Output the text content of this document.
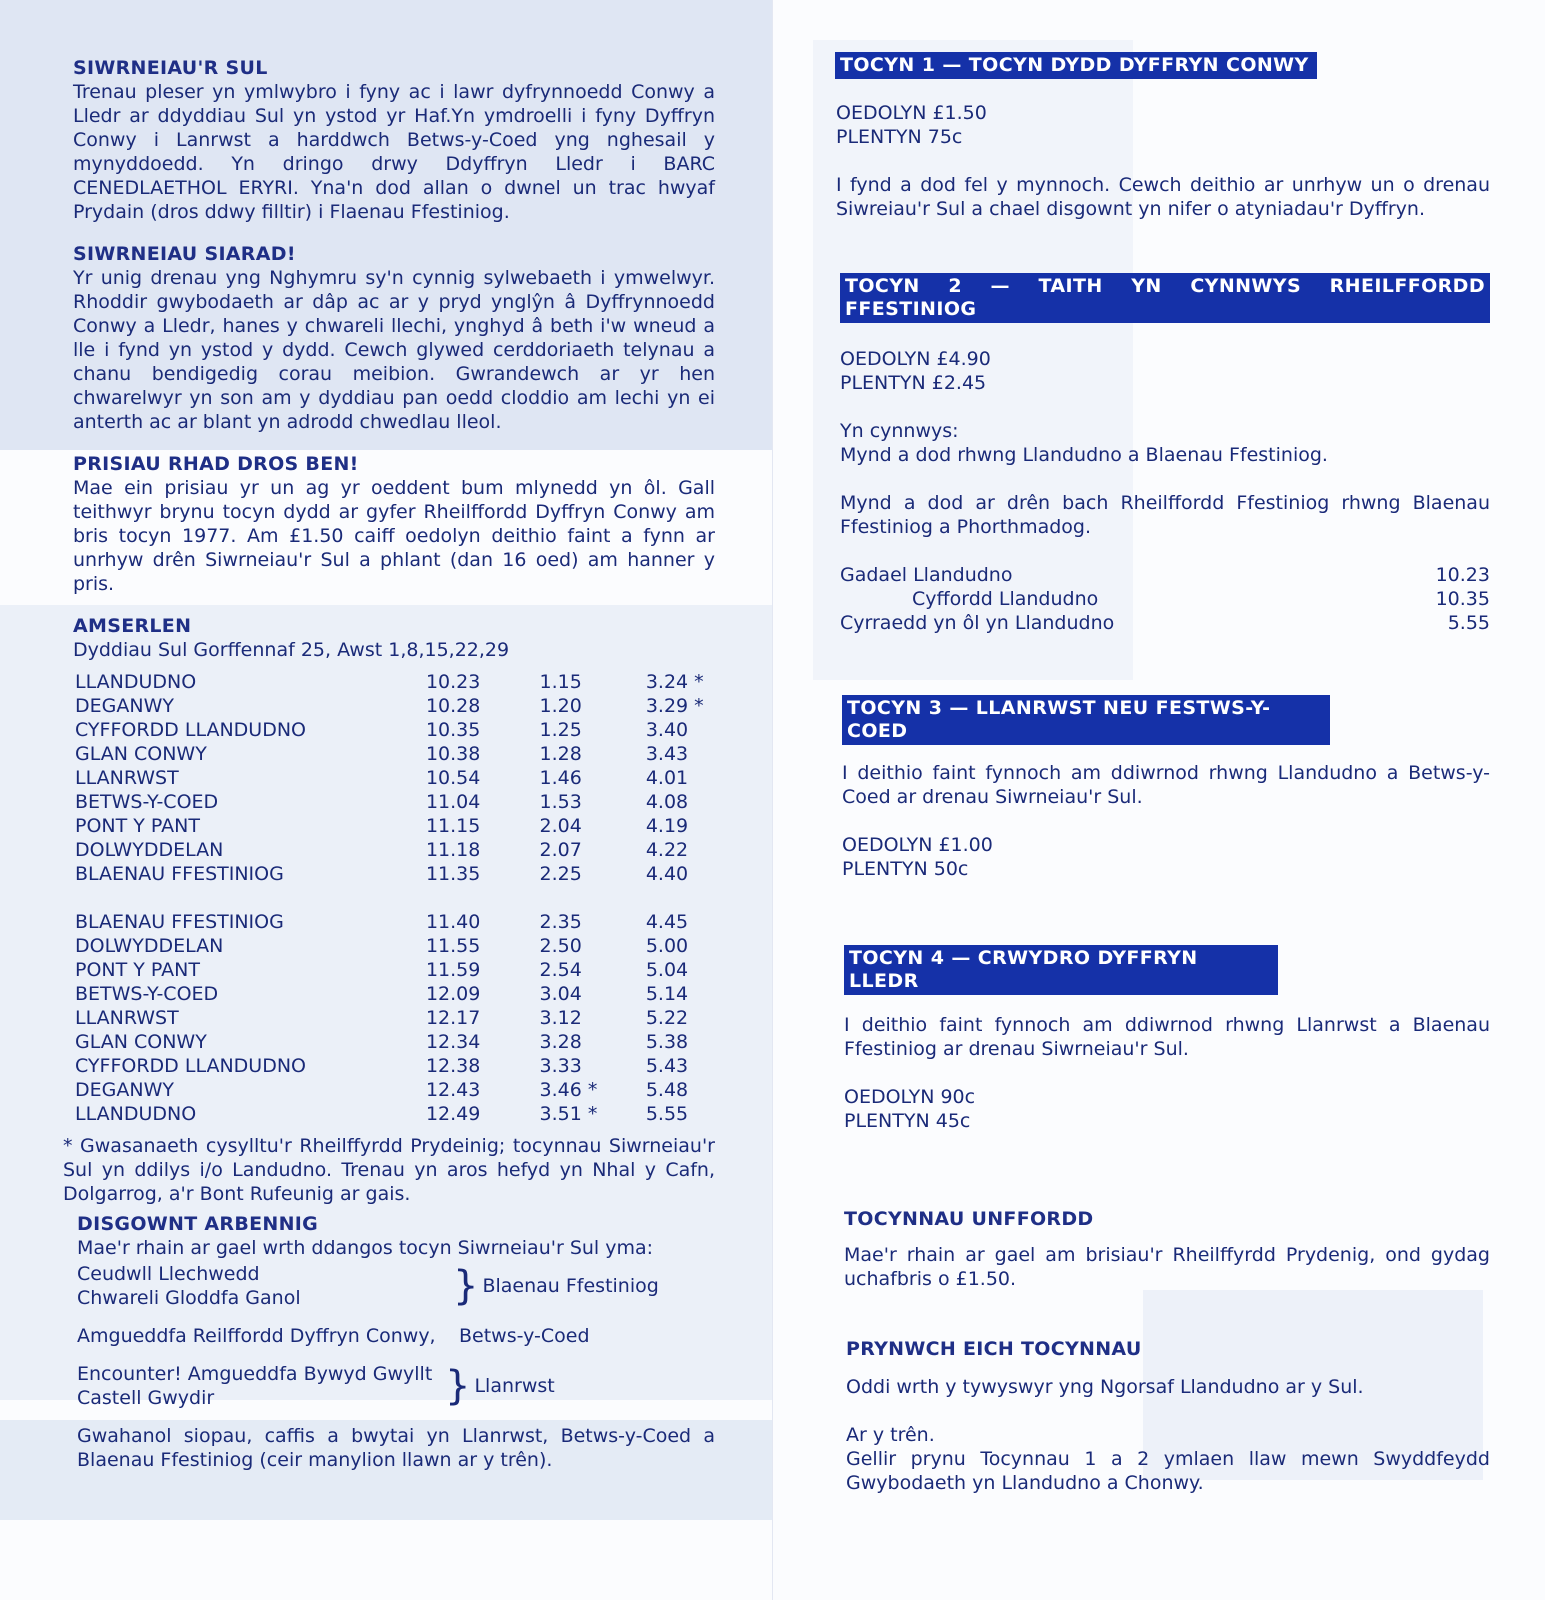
SIWRNEIAU'R SUL

Trenau pleser yn ymlwybro i fyny ac i lawr dyfrynnoedd Conwy a Lledr ar ddyddiau Sul yn ystod yr Haf.Yn ymdroelli i fyny Dyffryn Conwy i Lanrwst a harddwch Betws-y-Coed yng nghesail y mynyddoedd. Yn dringo drwy Ddyffryn Lledr i BARC CENEDLAETHOL ERYRI. Yna'n dod allan o dwnel un trac hwyaf Prydain (dros ddwy filltir) i Flaenau Ffestiniog.

SIWRNEIAU SIARAD!

Yr unig drenau yng Nghymru sy'n cynnig sylwebaeth i ymwelwyr. Rhoddir gwybodaeth ar dâp ac ar y pryd ynglŷn â Dyffrynnoedd Conwy a Lledr, hanes y chwareli llechi, ynghyd â beth i'w wneud a lle i fynd yn ystod y dydd. Cewch glywed cerddoriaeth telynau a chanu bendigedig corau meibion. Gwrandewch ar yr hen chwarelwyr yn son am y dyddiau pan oedd cloddio am lechi yn ei anterth ac ar blant yn adrodd chwedlau lleol.

PRISIAU RHAD DROS BEN!

Mae ein prisiau yr un ag yr oeddent bum mlynedd yn ôl. Gall teithwyr brynu tocyn dydd ar gyfer Rheilffordd Dyffryn Conwy am bris tocyn 1977. Am £1.50 caiff oedolyn deithio faint a fynn ar unrhyw drên Siwrneiau'r Sul a phlant (dan 16 oed) am hanner y pris.

AMSERLEN
Dyddiau Sul Gorffennaf 25, Awst 1,8,15,22,29
LLANDUDNO	10.23	1.15	3.24 *
DEGANWY	10.28	1.20	3.29 *
CYFFORDD LLANDUDNO	10.35	1.25	3.40
GLAN CONWY	10.38	1.28	3.43
LLANRWST	10.54	1.46	4.01
BETWS-Y-COED	11.04	1.53	4.08
PONT Y PANT	11.15	2.04	4.19
DOLWYDDELAN	11.18	2.07	4.22
BLAENAU FFESTINIOG	11.35	2.25	4.40

BLAENAU FFESTINIOG	11.40	2.35	4.45
DOLWYDDELAN	11.55	2.50	5.00
PONT Y PANT	11.59	2.54	5.04
BETWS-Y-COED	12.09	3.04	5.14
LLANRWST	12.17	3.12	5.22
GLAN CONWY	12.34	3.28	5.38
CYFFORDD LLANDUDNO	12.38	3.33	5.43
DEGANWY	12.43	3.46 *	5.48
LLANDUDNO	12.49	3.51 *	5.55

* Gwasanaeth cysylltu'r Rheilffyrdd Prydeinig; tocynnau Siwrneiau'r Sul yn ddilys i/o Landudno. Trenau yn aros hefyd yn Nhal y Cafn, Dolgarrog, a'r Bont Rufeunig ar gais.

DISGOWNT ARBENNIG
Mae'r rhain ar gael wrth ddangos tocyn Siwrneiau'r Sul yma:
Ceudwll Llechwedd
Chwareli Gloddfa Ganol	} Blaenau Ffestiniog
Amgueddfa Reilffordd Dyffryn Conwy,	Betws-y-Coed
Encounter! Amgueddfa Bywyd Gwyllt
Castell Gwydir	} Llanrwst

Gwahanol siopau, caffis a bwytai yn Llanrwst, Betws-y-Coed a Blaenau Ffestiniog (ceir manylion llawn ar y trên).

TOCYN 1 — TOCYN DYDD DYFFRYN CONWY
OEDOLYN £1.50
PLENTYN 75c

I fynd a dod fel y mynnoch. Cewch deithio ar unrhyw un o drenau Siwreiau'r Sul a chael disgownt yn nifer o atyniadau'r Dyffryn.

TOCYN 2 — TAITH YN CYNNWYS RHEILFFORDD FFESTINIOG
OEDOLYN £4.90
PLENTYN £2.45
Yn cynnwys:
Mynd a dod rhwng Llandudno a Blaenau Ffestiniog.

Mynd a dod ar drên bach Rheilffordd Ffestiniog rhwng Blaenau Ffestiniog a Phorthmadog.

Gadael Llandudno	10.23
Cyffordd Llandudno	10.35
Cyrraedd yn ôl yn Llandudno	5.55
TOCYN 3 — LLANRWST NEU FESTWS-Y-COED

I deithio faint fynnoch am ddiwrnod rhwng Llandudno a Betws-y-Coed ar drenau Siwrneiau'r Sul.

OEDOLYN £1.00
PLENTYN 50c
TOCYN 4 — CRWYDRO DYFFRYN LLEDR

I deithio faint fynnoch am ddiwrnod rhwng Llanrwst a Blaenau Ffestiniog ar drenau Siwrneiau'r Sul.

OEDOLYN 90c
PLENTYN 45c
TOCYNNAU UNFFORDD

Mae'r rhain ar gael am brisiau'r Rheilffyrdd Prydenig, ond gydag uchafbris o £1.50.

PRYNWCH EICH TOCYNNAU

Oddi wrth y tywyswyr yng Ngorsaf Llandudno ar y Sul.

Ar y trên.

Gellir prynu Tocynnau 1 a 2 ymlaen llaw mewn Swyddfeydd Gwybodaeth yn Llandudno a Chonwy.
